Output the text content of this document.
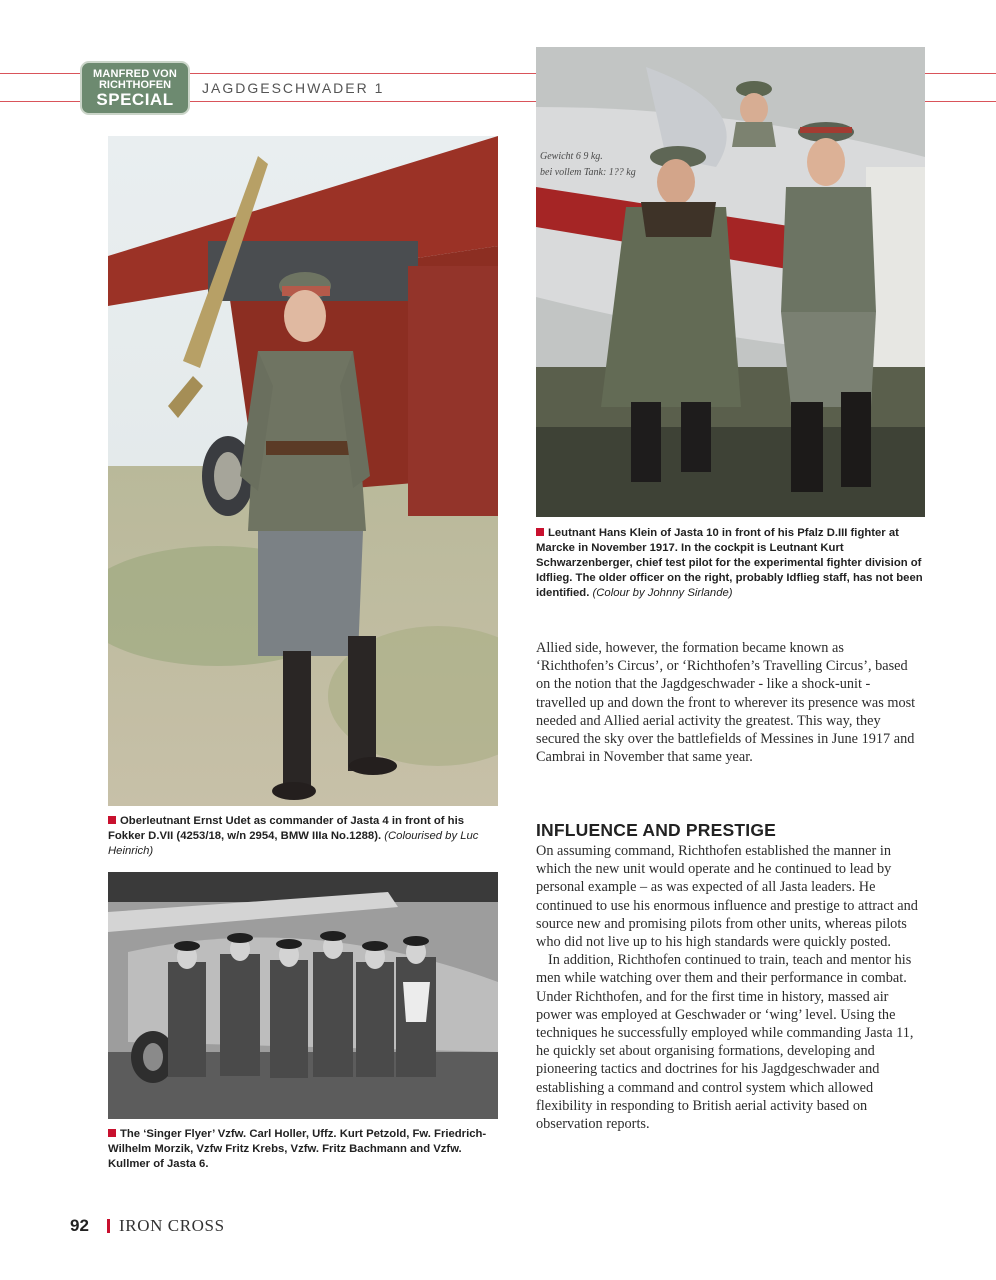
MANFRED VON
RICHTHOFEN
SPECIAL
JAGDGESCHWADER 1
Gewicht 6 9 kg.
bei vollem Tank: 1?? kg
Leutnant Hans Klein of Jasta 10 in front of his Pfalz D.III fighter at Marcke in November 1917. In the cockpit is Leutnant Kurt Schwarzenberger, chief test pilot for the experimental fighter division of Idflieg. The older officer on the right, probably Idflieg staff, has not been identified. (Colour by Johnny Sirlande)
Oberleutnant Ernst Udet as commander of Jasta 4 in front of his Fokker D.VII (4253/18, w/n 2954, BMW IIIa No.1288). (Colourised by Luc Heinrich)
The ‘Singer Flyer’ Vzfw. Carl Holler, Uffz. Kurt Petzold, Fw. Friedrich-Wilhelm Morzik, Vzfw Fritz Krebs, Vzfw. Fritz Bachmann and Vzfw. Kullmer of Jasta 6.

Allied side, however, the formation became known as ‘Richthofen’s Circus’, or ‘Richthofen’s Travelling Circus’, based on the notion that the Jagdgeschwader - like a shock-unit - travelled up and down the front to wherever its presence was most needed and Allied aerial activity the greatest. This way, they secured the sky over the battlefields of Messines in June 1917 and Cambrai in November that same year.

INFLUENCE AND PRESTIGE

On assuming command, Richthofen established the manner in which the new unit would operate and he continued to lead by personal example – as was expected of all Jasta leaders. He continued to use his enormous influence and prestige to attract and source new and promising pilots from other units, whereas pilots who did not live up to his high standards were quickly posted.

In addition, Richthofen continued to train, teach and mentor his men while watching over them and their performance in combat. Under Richthofen, and for the first time in history, massed air power was employed at Geschwader or ‘wing’ level. Using the techniques he successfully employed while commanding Jasta 11, he quickly set about organising formations, developing and pioneering tactics and doctrines for his Jagdgeschwader and establishing a command and control system which allowed flexibility in responding to British aerial activity based on observation reports.

92 IRON CROSS
